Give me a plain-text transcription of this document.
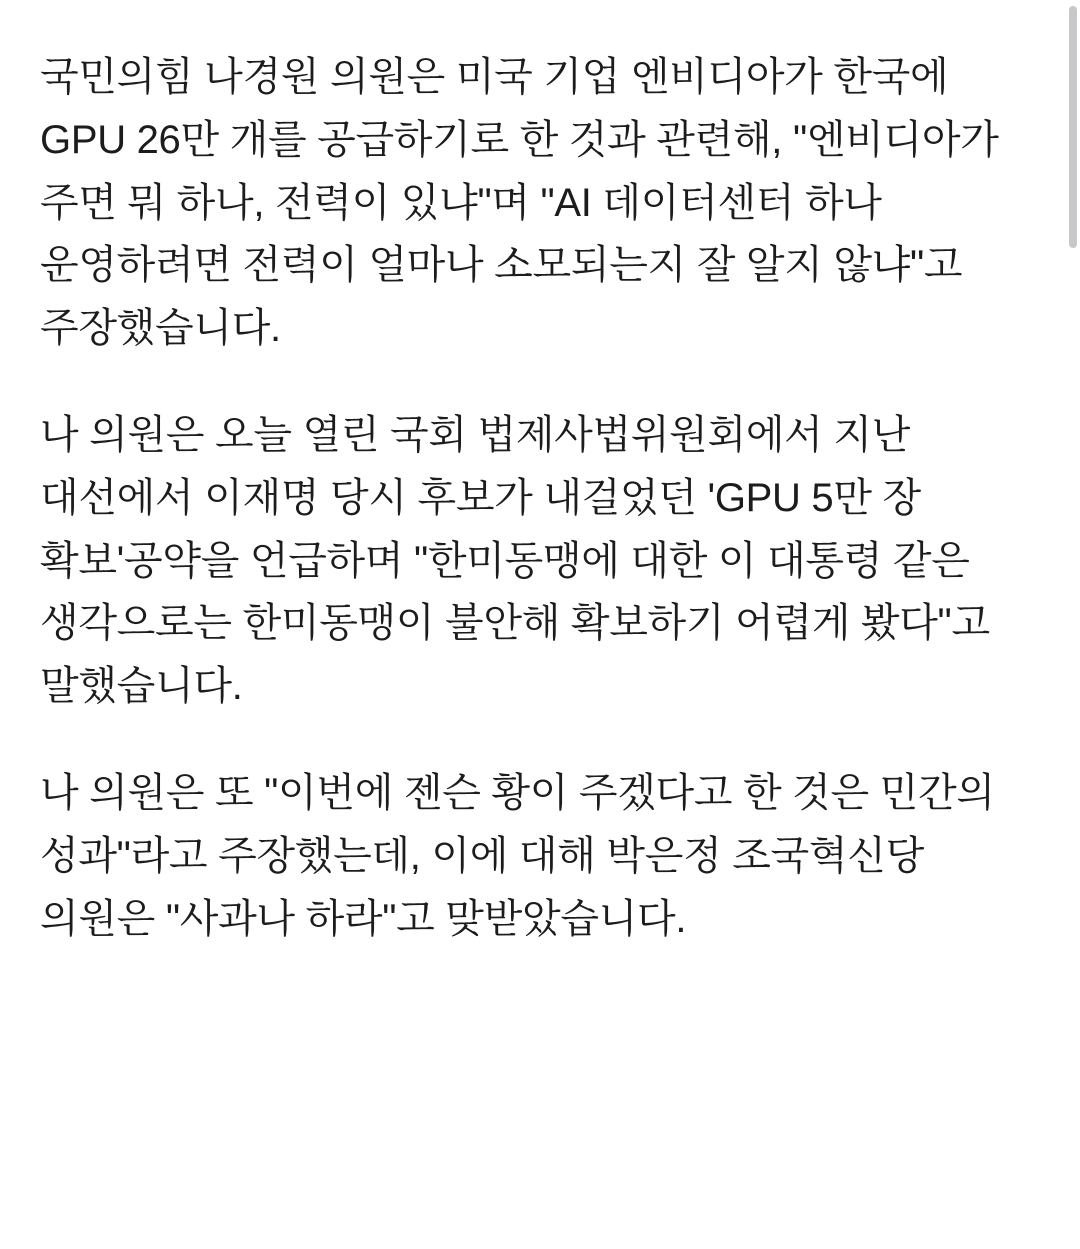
국민의힘 나경원 의원은 미국 기업 엔비디아가 한국에 GPU 26만 개를 공급하기로 한 것과 관련해, "엔비디아가 주면 뭐 하나, 전력이 있냐"며 "AI 데이터센터 하나 운영하려면 전력이 얼마나 소모되는지 잘 알지 않냐"고 주장했습니다.

나 의원은 오늘 열린 국회 법제사법위원회에서 지난 대선에서 이재명 당시 후보가 내걸었던 'GPU 5만 장 확보'공약을 언급하며 "한미동맹에 대한 이 대통령 같은 생각으로는 한미동맹이 불안해 확보하기 어렵게 봤다"고 말했습니다.

나 의원은 또 "이번에 젠슨 황이 주겠다고 한 것은 민간의 성과"라고 주장했는데, 이에 대해 박은정 조국혁신당 의원은 "사과나 하라"고 맞받았습니다.
